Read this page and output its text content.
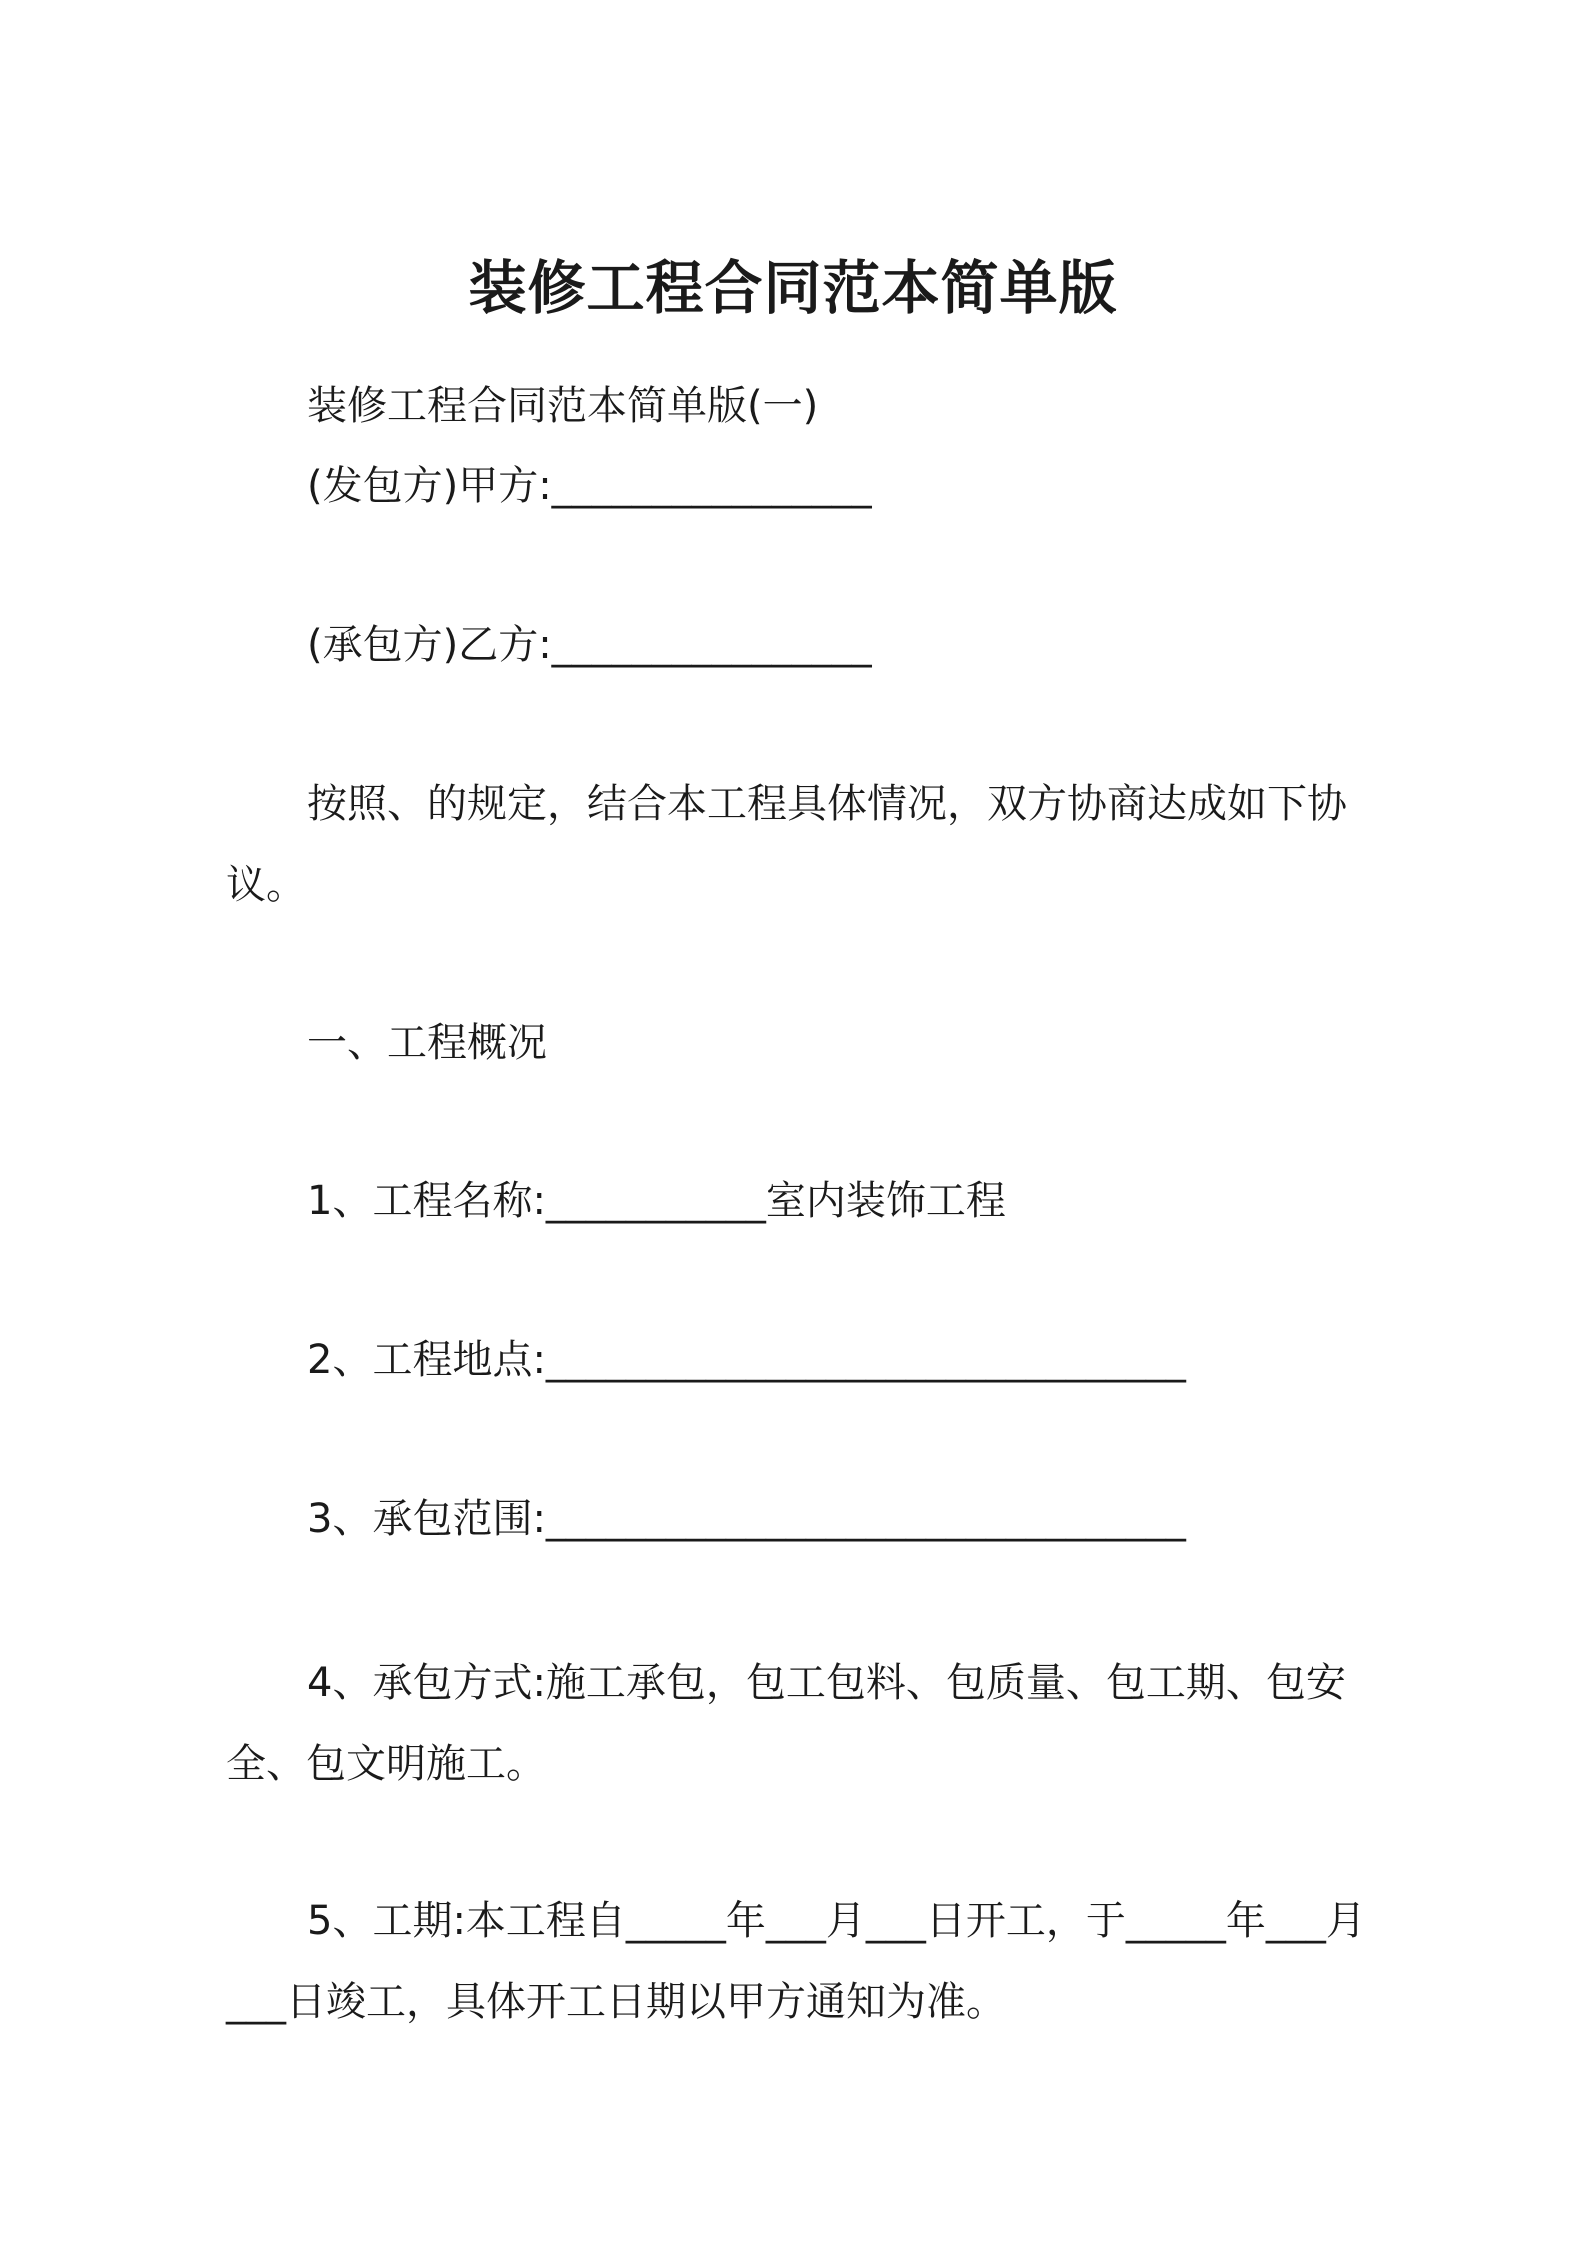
装修工程合同范本简单版
装修工程合同范本简单版(一)
(发包方)甲方:________________
(承包方)乙方:________________
按照、的规定，结合本工程具体情况，双方协商达成如下协议。
一、工程概况
1、工程名称:___________室内装饰工程
2、工程地点:________________________________
3、承包范围:________________________________
4、承包方式:施工承包，包工包料、包质量、包工期、包安全、包文明施工。
5、工期:本工程自_____年___月___日开工，于_____年___月___日竣工，具体开工日期以甲方通知为准。
